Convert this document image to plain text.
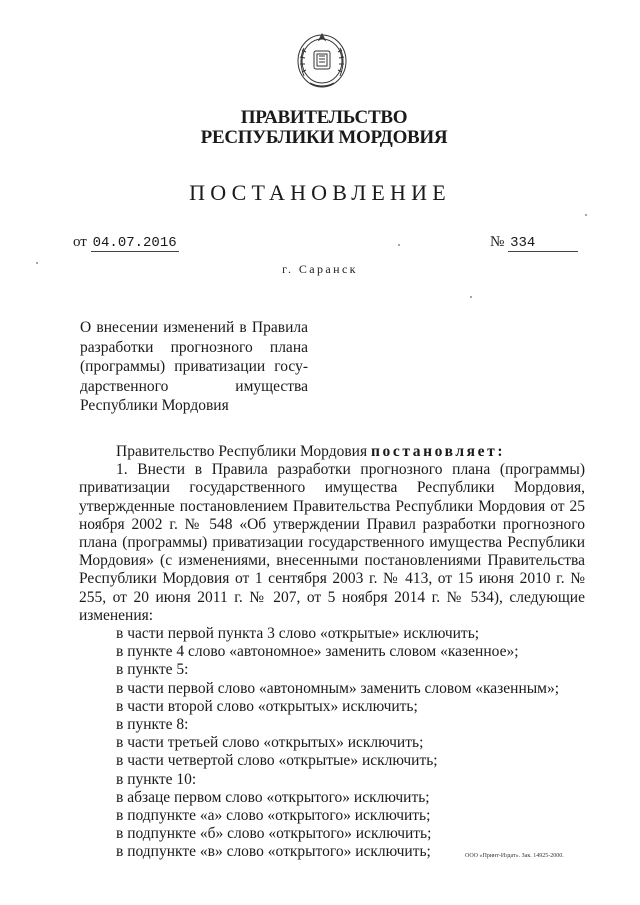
ПРАВИТЕЛЬСТВО
РЕСПУБЛИКИ МОРДОВИЯ
ПОСТАНОВЛЕНИЕ
от 04.07.2016	№ 334
г. Саранск
О внесении изменений в Правила
разработки прогнозного плана
(программы) приватизации госу-
дарственного имущества
Республики Мордовия

Правительство Республики Мордовия постановляет:

1. Внести в Правила разработки прогнозного плана (программы) приватизации государственного имущества Республики Мордовия, утвержденные постановлением Правительства Республики Мордовия от 25 ноября 2002 г. № 548 «Об утверждении Правил разработки прогнозного плана (программы) приватизации государственного имущества Республики Мордовия» (с изменениями, внесенными постановлениями Правительства Республики Мордовия от 1 сентября 2003 г. № 413, от 15 июня 2010 г. № 255, от 20 июня 2011 г. № 207, от 5 ноября 2014 г. № 534), следующие изменения:

в части первой пункта 3 слово «открытые» исключить;

в пункте 4 слово «автономное» заменить словом «казенное»;

в пункте 5:

в части первой слово «автономным» заменить словом «казенным»;

в части второй слово «открытых» исключить;

в пункте 8:

в части третьей слово «открытых» исключить;

в части четвертой слово «открытые» исключить;

в пункте 10:

в абзаце первом слово «открытого» исключить;

в подпункте «а» слово «открытого» исключить;

в подпункте «б» слово «открытого» исключить;

в подпункте «в» слово «открытого» исключить;	ООО «Принт-Издат». Зак. 14925-2000.
